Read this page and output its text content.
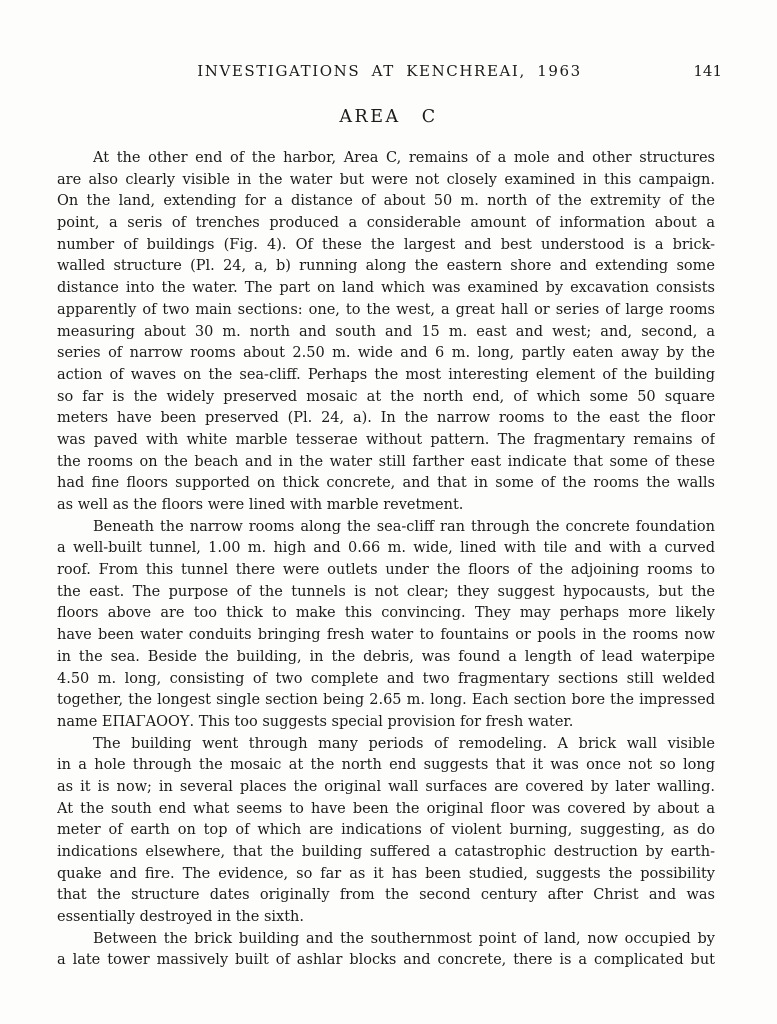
INVESTIGATIONS AT KENCHREAI, 1963	141
AREA C
At the other end of the harbor, Area C, remains of a mole and other structures
are also clearly visible in the water but were not closely examined in this campaign.
On the land, extending for a distance of about 50 m. north of the extremity of the
point, a seris of trenches produced a considerable amount of information about a
number of buildings (Fig. 4). Of these the largest and best understood is a brick-
walled structure (Pl. 24, a, b) running along the eastern shore and extending some
distance into the water. The part on land which was examined by excavation consists
apparently of two main sections: one, to the west, a great hall or series of large rooms
measuring about 30 m. north and south and 15 m. east and west; and, second, a
series of narrow rooms about 2.50 m. wide and 6 m. long, partly eaten away by the
action of waves on the sea-cliff. Perhaps the most interesting element of the building
so far is the widely preserved mosaic at the north end, of which some 50 square
meters have been preserved (Pl. 24, a). In the narrow rooms to the east the floor
was paved with white marble tesserae without pattern. The fragmentary remains of
the rooms on the beach and in the water still farther east indicate that some of these
had fine floors supported on thick concrete, and that in some of the rooms the walls
as well as the floors were lined with marble revetment.
Beneath the narrow rooms along the sea-cliff ran through the concrete foundation
a well-built tunnel, 1.00 m. high and 0.66 m. wide, lined with tile and with a curved
roof. From this tunnel there were outlets under the floors of the adjoining rooms to
the east. The purpose of the tunnels is not clear; they suggest hypocausts, but the
floors above are too thick to make this convincing. They may perhaps more likely
have been water conduits bringing fresh water to fountains or pools in the rooms now
in the sea. Beside the building, in the debris, was found a length of lead waterpipe
4.50 m. long, consisting of two complete and two fragmentary sections still welded
together, the longest single section being 2.65 m. long. Each section bore the impressed
name ΕΠΑΓΑΟΟΥ. This too suggests special provision for fresh water.
The building went through many periods of remodeling. A brick wall visible
in a hole through the mosaic at the north end suggests that it was once not so long
as it is now; in several places the original wall surfaces are covered by later walling.
At the south end what seems to have been the original floor was covered by about a
meter of earth on top of which are indications of violent burning, suggesting, as do
indications elsewhere, that the building suffered a catastrophic destruction by earth-
quake and fire. The evidence, so far as it has been studied, suggests the possibility
that the structure dates originally from the second century after Christ and was
essentially destroyed in the sixth.
Between the brick building and the southernmost point of land, now occupied by
a late tower massively built of ashlar blocks and concrete, there is a complicated but
